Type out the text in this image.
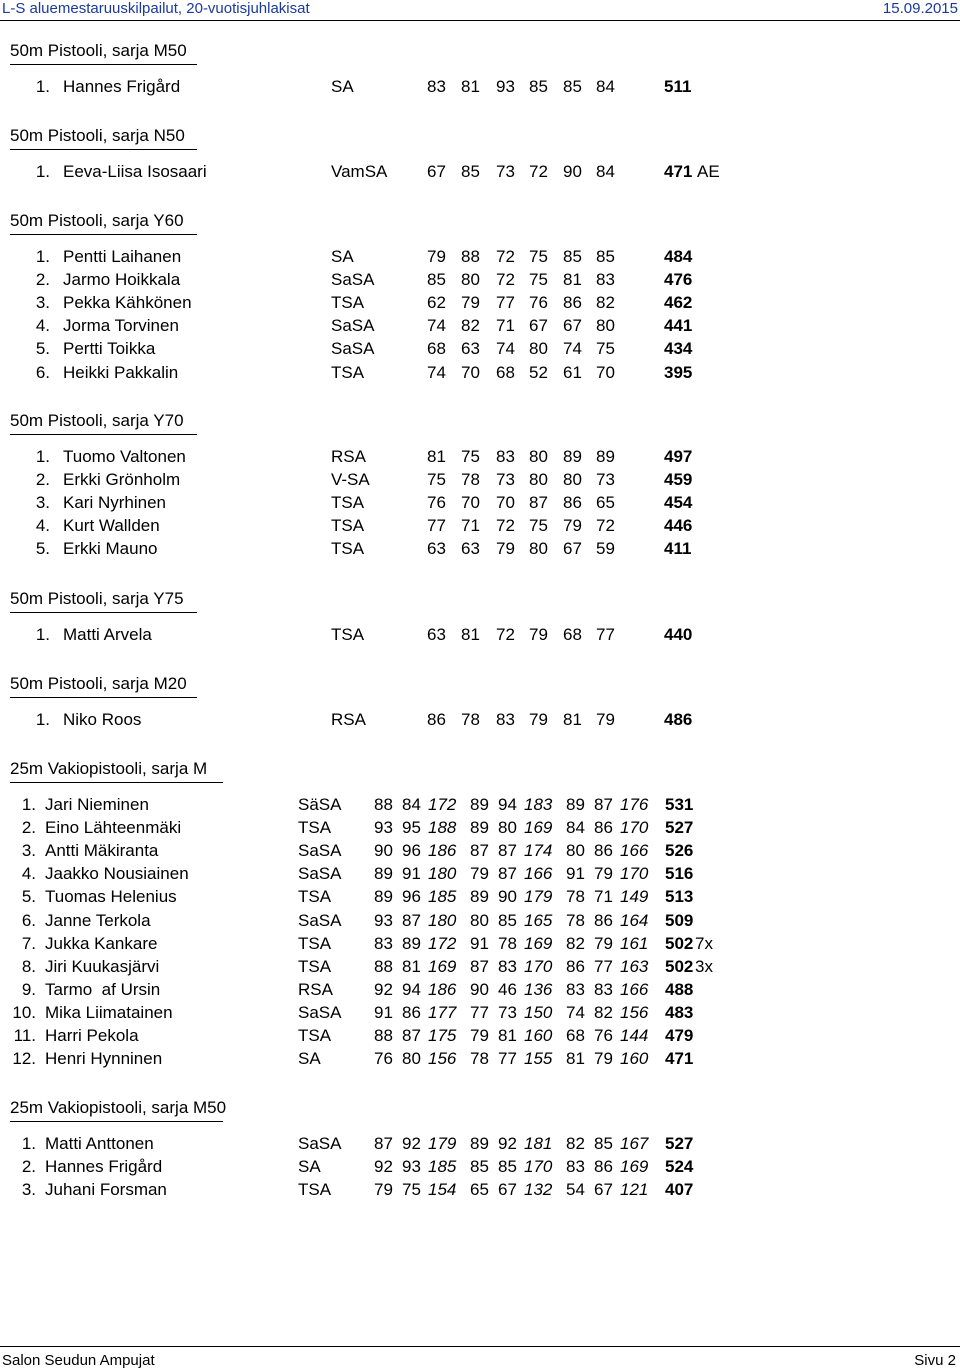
L-S aluemestaruuskilpailut, 20-vuotisjuhlakisat	15.09.2015
50m Pistooli, sarja M50
1. Hannes Frigård	SA	83 81 93 85 85 84	511
50m Pistooli, sarja N50
1. Eeva-Liisa Isosaari	VamSA 67 85 73 72 90 84	471 AE
50m Pistooli, sarja Y60
1. Pentti Laihanen	SA	79 88 72 75 85 85	484
2. Jarmo Hoikkala	SaSA	85 80 72 75 81 83	476
3. Pekka Kähkönen	TSA	62 79 77 76 86 82	462
4. Jorma Torvinen	SaSA	74 82 71 67 67 80	441
5. Pertti Toikka	SaSA	68 63 74 80 74 75	434
6. Heikki Pakkalin	TSA	74 70 68 52 61 70	395
50m Pistooli, sarja Y70
1. Tuomo Valtonen	RSA	81 75 83 80 89 89	497
2. Erkki Grönholm	V-SA	75 78 73 80 80 73	459
3. Kari Nyrhinen	TSA	76 70 70 87 86 65	454
4. Kurt Wallden	TSA	77 71 72 75 79 72	446
5. Erkki Mauno	TSA	63 63 79 80 67 59	411
50m Pistooli, sarja Y75
1. Matti Arvela	TSA	63 81 72 79 68 77	440
50m Pistooli, sarja M20
1. Niko Roos	RSA	86 78 83 79 81 79	486
25m Vakiopistooli, sarja M
1. Jari Nieminen	SäSA 88 84 172 89 94 183 89 87 176 531
2. Eino Lähteenmäki	TSA	93 95 188 89 80 169 84 86 170 527
3. Antti Mäkiranta	SaSA 90 96 186 87 87 174 80 86 166 526
4. Jaakko Nousiainen	SaSA 89 91 180 79 87 166 91 79 170 516
5. Tuomas Helenius	TSA	89 96 185 89 90 179 78 71 149 513
6. Janne Terkola	SaSA 93 87 180 80 85 165 78 86 164 509
7. Jukka Kankare	TSA	83 89 172 91 78 169 82 79 161 502 7x
8. Jiri Kuukasjärvi	TSA	88 81 169 87 83 170 86 77 163 502 3x
9. Tarmo  af Ursin	RSA 92 94 186 90 46 136 83 83 166 488
10. Mika Liimatainen	SaSA 91 86 177 77 73 150 74 82 156 483
11. Harri Pekola	TSA	88 87 175 79 81 160 68 76 144 479
12. Henri Hynninen	SA	76 80 156 78 77 155 81 79 160 471
25m Vakiopistooli, sarja M50
1. Matti Anttonen	SaSA 87 92 179 89 92 181 82 85 167 527
2. Hannes Frigård	SA	92 93 185 85 85 170 83 86 169 524
3. Juhani Forsman	TSA	79 75 154 65 67 132 54 67 121 407
Salon Seudun Ampujat	Sivu 2
